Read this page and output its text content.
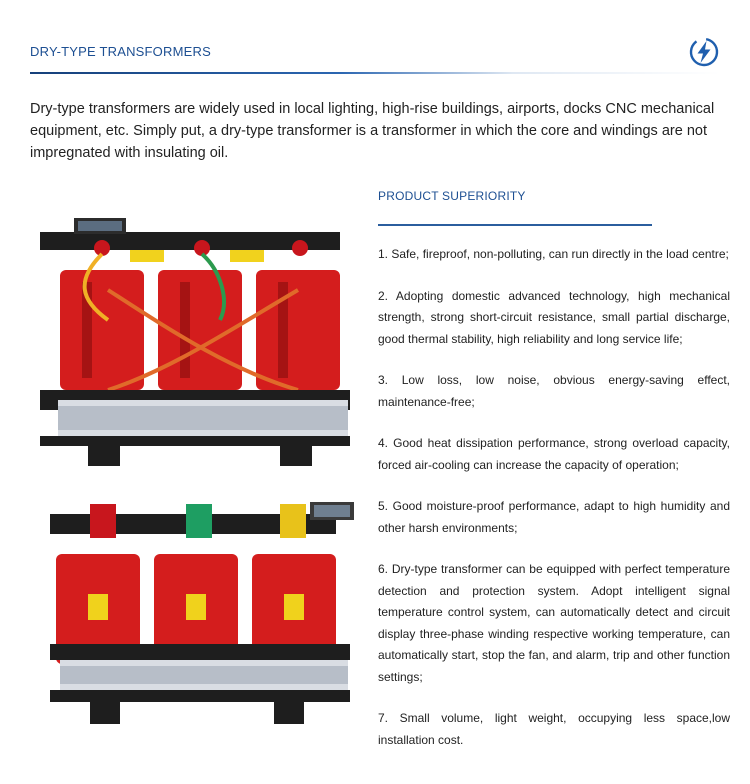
DRY-TYPE TRANSFORMERS

Dry-type transformers are widely used in local lighting, high-rise buildings, airports, docks CNC mechanical equipment, etc. Simply put, a dry-type transformer is a transformer in which the core and windings are not impregnated with insulating oil.

PRODUCT SUPERIORITY
1. Safe, fireproof, non-polluting, can run directly in the load centre;
2. Adopting domestic advanced technology, high mechanical strength, strong short-circuit resistance, small partial discharge, good thermal stability, high reliability and long service life;
3. Low loss, low noise, obvious energy-saving effect, maintenance-free;
4. Good heat dissipation performance, strong overload capacity, forced air-cooling can increase the capacity of operation;
5. Good moisture-proof performance, adapt to high humidity and other harsh environments;
6. Dry-type transformer can be equipped with perfect temperature detection and protection system. Adopt intelligent signal temperature control system, can automatically detect and circuit display three-phase winding respective working temperature, can automatically start, stop the fan, and alarm, trip and other function settings;
7. Small volume, light weight, occupying less space,low installation cost.
